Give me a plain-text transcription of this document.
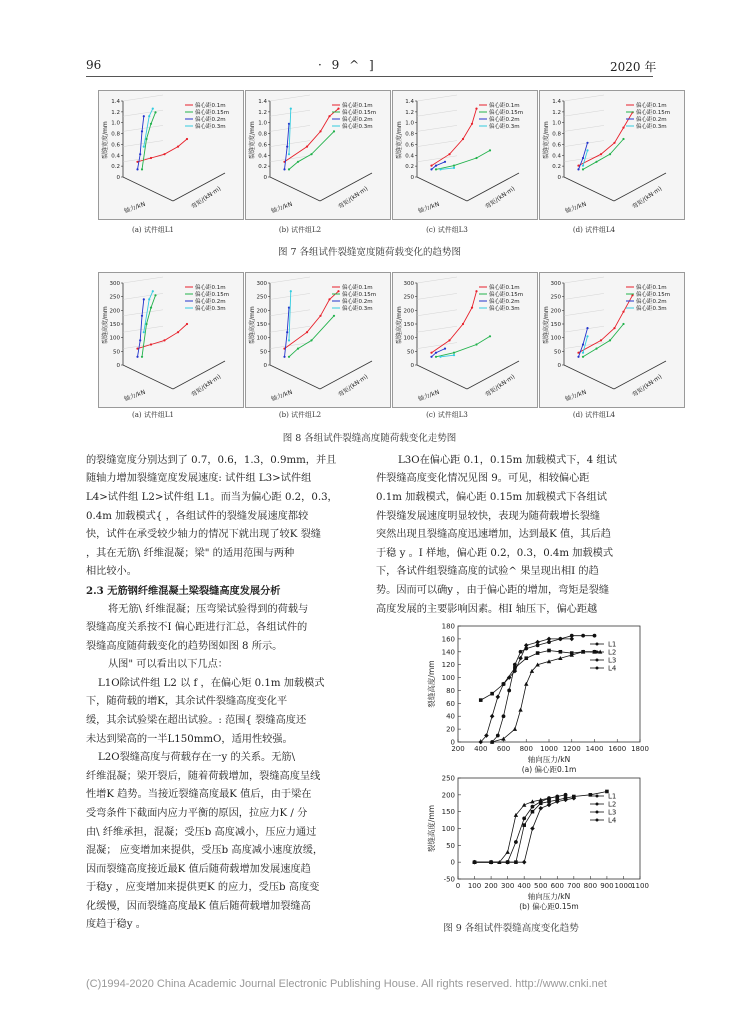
96	· 9 ^ ]	2020 年
1.4
1.2
1.0
0.8
0.6
0.4
0.2
0
裂缝宽度/mm
轴力/kN	弯矩/(kN·m)
偏心距0.1m
偏心距0.15m
偏心距0.2m
偏心距0.3m
1.4
1.2
1.0
0.8
0.6
0.4
0.2
0
裂缝宽度/mm
轴力/kN	弯矩/(kN·m)
偏心距0.1m
偏心距0.15m
偏心距0.2m
偏心距0.3m
1.4
1.2
1.0
0.8
0.6
0.4
0.2
0
裂缝宽度/mm
轴力/kN	弯矩/(kN·m)
偏心距0.1m
偏心距0.15m
偏心距0.2m
偏心距0.3m
1.4
1.2
1.0
0.8
0.6
0.4
0.2
0
裂缝宽度/mm
轴力/kN	弯矩/(kN·m)
偏心距0.1m
偏心距0.15m
偏心距0.2m
偏心距0.3m
(a) 试件组L1	(b) 试件组L2	(c) 试件组L3	(d) 试件组L4
图 7 各组试件裂缝宽度随荷载变化的趋势图
300
250
200
150
100
50
0
裂缝高度/mm
轴力/kN	弯矩/(kN·m)
偏心距0.1m
偏心距0.15m
偏心距0.2m
偏心距0.3m
300
250
200
150
100
50
0
裂缝高度/mm
轴力/kN	弯矩/(kN·m)
偏心距0.1m
偏心距0.15m
偏心距0.2m
偏心距0.3m
300
250
200
150
100
50
0
裂缝高度/mm
轴力/kN	弯矩/(kN·m)
偏心距0.1m
偏心距0.15m
偏心距0.2m
偏心距0.3m
300
250
200
150
100
50
0
裂缝高度/mm
轴力/kN	弯矩/(kN·m)
偏心距0.1m
偏心距0.15m
偏心距0.2m
偏心距0.3m
(a) 试件组L1	(b) 试件组L2	(c) 试件组L3	(d) 试件组L4
图 8 各组试件裂缝高度随荷载变化走势图
的裂缝宽度分别达到了 0.7，0.6，1.3，0.9mm，并且
随轴力增加裂缝宽度发展速度: 试件组 L3>试件组
L4>试件组 L2>试件组 L1。而当为偏心距 0.2，0.3，
0.4m 加载模式{ ，各组试件的裂缝发展速度都较
快，试件在承受较少轴力的情况下就出现了较K 裂缝
，其在无筋\ 纤维混凝；梁" 的适用范围与两种
相比较小。
2.3 无筋钢纤维混凝土梁裂缝高度发展分析
将无筋\ 纤维混凝；压弯梁试验得到的荷载与
裂缝高度关系按不I 偏心距进行汇总，各组试件的
裂缝高度随荷载变化的趋势图如图 8 所示。
从图" 可以看出以下几点：
L1O除试件组 L2 以 f ，在偏心矩 0.1m 加载模式
下，随荷载的增K，其余试件裂缝高度变化平
缓，其余试验梁在超出试验。: 范围{ 裂缝高度还
未达到梁高的一半L150mmO，适用性较强。
L2O裂缝高度与荷载存在一y 的关系。无筋\
纤维混凝；梁开裂后，随着荷载增加，裂缝高度呈线
性增K 趋势。当接近裂缝高度最K 值后，由于梁在
受弯条件下截面内应力平衡的原因，拉应力K / 分
由\ 纤维承担，混凝；受压b 高度减小，压应力通过
混凝； 应变增加来提供，受压b 高度减小速度放缓，
因而裂缝高度接近最K 值后随荷载增加发展速度趋
于稳y ，应变增加来提供更K 的应力，受压b 高度变
化缓慢，因而裂缝高度最K 值后随荷载增加裂缝高
度趋于稳y 。
L3O在偏心距 0.1，0.15m 加载模式下，4 组试
件裂缝高度变化情况见图 9。可见，相较偏心距
0.1m 加载模式，偏心距 0.15m 加载模式下各组试
件裂缝发展速度明显较快，表现为随荷载增长裂缝
突然出现且裂缝高度迅速增加，达到最K 值，其后趋
于稳 y 。I 样地，偏心距 0.2，0.3，0.4m 加载模式
下，各试件组裂缝高度的试验^ 果呈现出相I 的趋
势。因而可以确y ，由于偏心距的增加，弯矩是裂缝
高度发展的主要影响因素。相I 轴压下，偏心距越
0
20
40
60
80
100
120
140
160
180
200 400 600 800 1000 1200 1400 1600 1800
轴向压力/kN
(a) 偏心距0.1m
裂缝高度/mm
L1
L2
L3
L4
-50
0
50
100
150
200
250
0 100 200 300 400 500 600 700 800 900 1000
1100
轴向压力/kN
(b) 偏心距0.15m
裂缝高度/mm
L1
L2
L3
L4
图 9 各组试件裂缝高度变化趋势
(C)1994-2020 China Academic Journal Electronic Publishing House. All rights reserved. http://www.cnki.net
